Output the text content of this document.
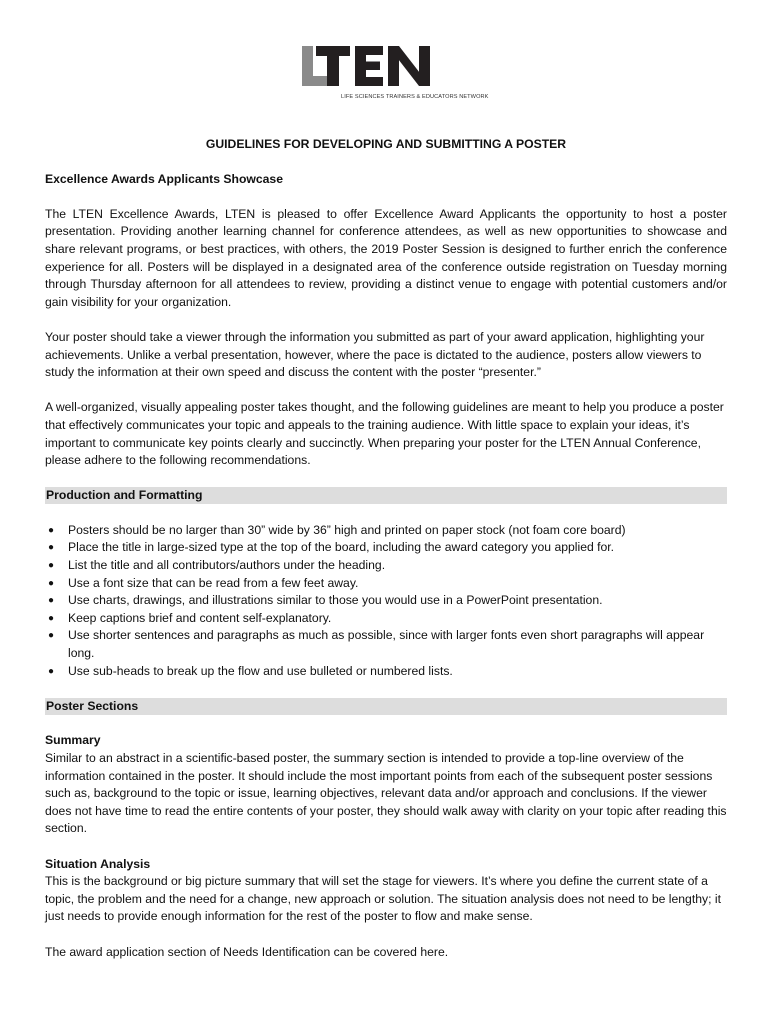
LIFE SCIENCES TRAINERS & EDUCATORS NETWORK

GUIDELINES FOR DEVELOPING AND SUBMITTING A POSTER

Excellence Awards Applicants Showcase

The LTEN Excellence Awards, LTEN is pleased to offer Excellence Award Applicants the opportunity to host a poster presentation. Providing another learning channel for conference attendees, as well as new opportunities to showcase and share relevant programs, or best practices, with others, the 2019 Poster Session is designed to further enrich the conference experience for all. Posters will be displayed in a designated area of the conference outside registration on Tuesday morning through Thursday afternoon for all attendees to review, providing a distinct venue to engage with potential customers and/or gain visibility for your organization.

Your poster should take a viewer through the information you submitted as part of your award application, highlighting your achievements. Unlike a verbal presentation, however, where the pace is dictated to the audience, posters allow viewers to study the information at their own speed and discuss the content with the poster “presenter.”

A well-organized, visually appealing poster takes thought, and the following guidelines are meant to help you produce a poster that effectively communicates your topic and appeals to the training audience. With little space to explain your ideas, it’s important to communicate key points clearly and succinctly. When preparing your poster for the LTEN Annual Conference, please adhere to the following recommendations.

Production and Formatting

● Posters should be no larger than 30” wide by 36” high and printed on paper stock (not foam core board)
● Place the title in large-sized type at the top of the board, including the award category you applied for.
● List the title and all contributors/authors under the heading.
● Use a font size that can be read from a few feet away.
● Use charts, drawings, and illustrations similar to those you would use in a PowerPoint presentation.
● Keep captions brief and content self-explanatory.
● Use shorter sentences and paragraphs as much as possible, since with larger fonts even short paragraphs will appear long.
● Use sub-heads to break up the flow and use bulleted or numbered lists.

Poster Sections

Summary

Similar to an abstract in a scientific-based poster, the summary section is intended to provide a top-line overview of the information contained in the poster. It should include the most important points from each of the subsequent poster sessions such as, background to the topic or issue, learning objectives, relevant data and/or approach and conclusions. If the viewer does not have time to read the entire contents of your poster, they should walk away with clarity on your topic after reading this section.

Situation Analysis

This is the background or big picture summary that will set the stage for viewers. It’s where you define the current state of a topic, the problem and the need for a change, new approach or solution. The situation analysis does not need to be lengthy; it just needs to provide enough information for the rest of the poster to flow and make sense.

The award application section of Needs Identification can be covered here.
